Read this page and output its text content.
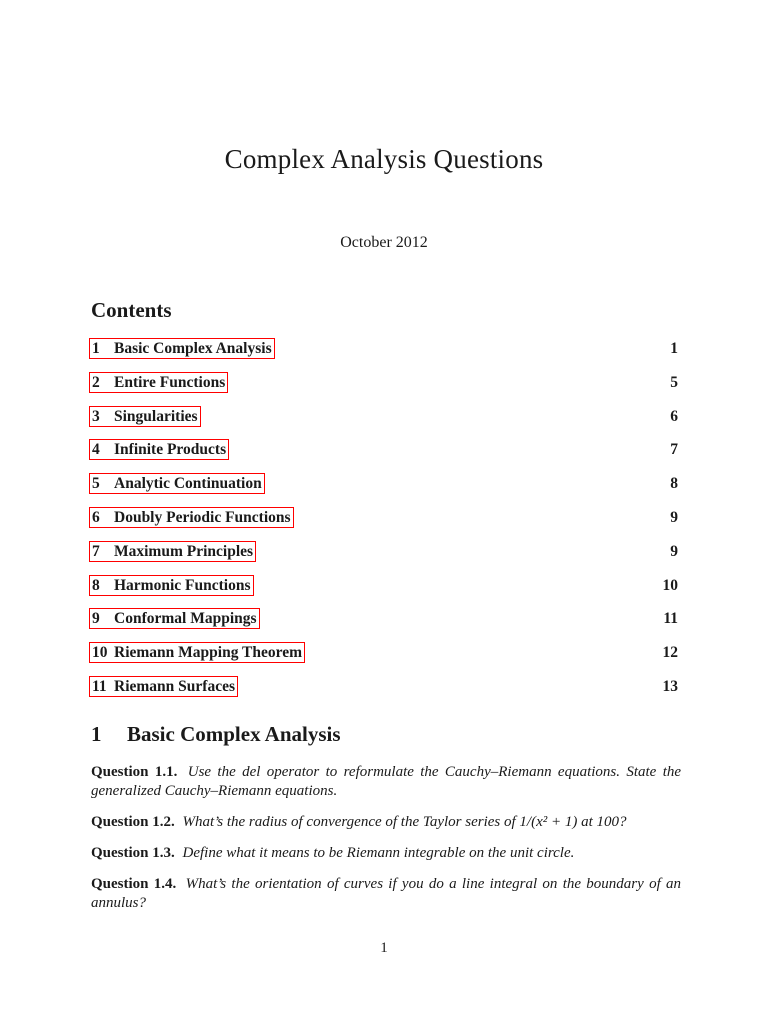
Complex Analysis Questions
October 2012
Contents
1 Basic Complex Analysis	1
2 Entire Functions	5
3 Singularities	6
4 Infinite Products	7
5 Analytic Continuation	8
6 Doubly Periodic Functions	9
7 Maximum Principles	9
8 Harmonic Functions	10
9 Conformal Mappings	11
10 Riemann Mapping Theorem	12
11 Riemann Surfaces	13
1 Basic Complex Analysis

Question 1.1. Use the del operator to reformulate the Cauchy–Riemann equations. State the generalized Cauchy–Riemann equations.

Question 1.2. What’s the radius of convergence of the Taylor series of 1/(x² + 1) at 100?

Question 1.3. Define what it means to be Riemann integrable on the unit circle.

Question 1.4. What’s the orientation of curves if you do a line integral on the boundary of an annulus?

1
